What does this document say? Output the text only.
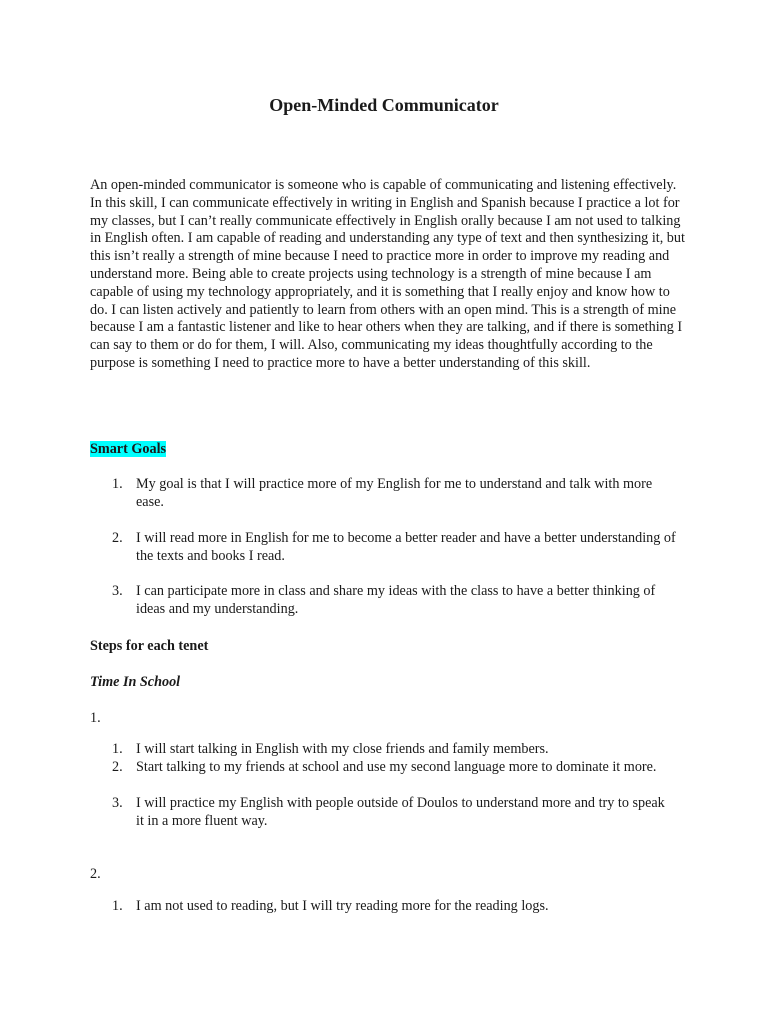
Open-Minded Communicator

An open-minded communicator is someone who is capable of communicating and listening effectively. In this skill, I can communicate effectively in writing in English and Spanish because I practice a lot for my classes, but I can’t really communicate effectively in English orally because I am not used to talking in English often. I am capable of reading and understanding any type of text and then synthesizing it, but this isn’t really a strength of mine because I need to practice more in order to improve my reading and understand more. Being able to create projects using technology is a strength of mine because I am capable of using my technology appropriately, and it is something that I really enjoy and know how to do. I can listen actively and patiently to learn from others with an open mind. This is a strength of mine because I am a fantastic listener and like to hear others when they are talking, and if there is something I can say to them or do for them, I will. Also, communicating my ideas thoughtfully according to the purpose is something I need to practice more to have a better understanding of this skill.

Smart Goals

1. My goal is that I will practice more of my English for me to understand and talk with more ease.
2. I will read more in English for me to become a better reader and have a better understanding of the texts and books I read.
3. I can participate more in class and share my ideas with the class to have a better thinking of ideas and my understanding.

Steps for each tenet

Time In School

1.

1. I will start talking in English with my close friends and family members.
2. Start talking to my friends at school and use my second language more to dominate it more.
3. I will practice my English with people outside of Doulos to understand more and try to speak it in a more fluent way.

2.

1. I am not used to reading, but I will try reading more for the reading logs.
